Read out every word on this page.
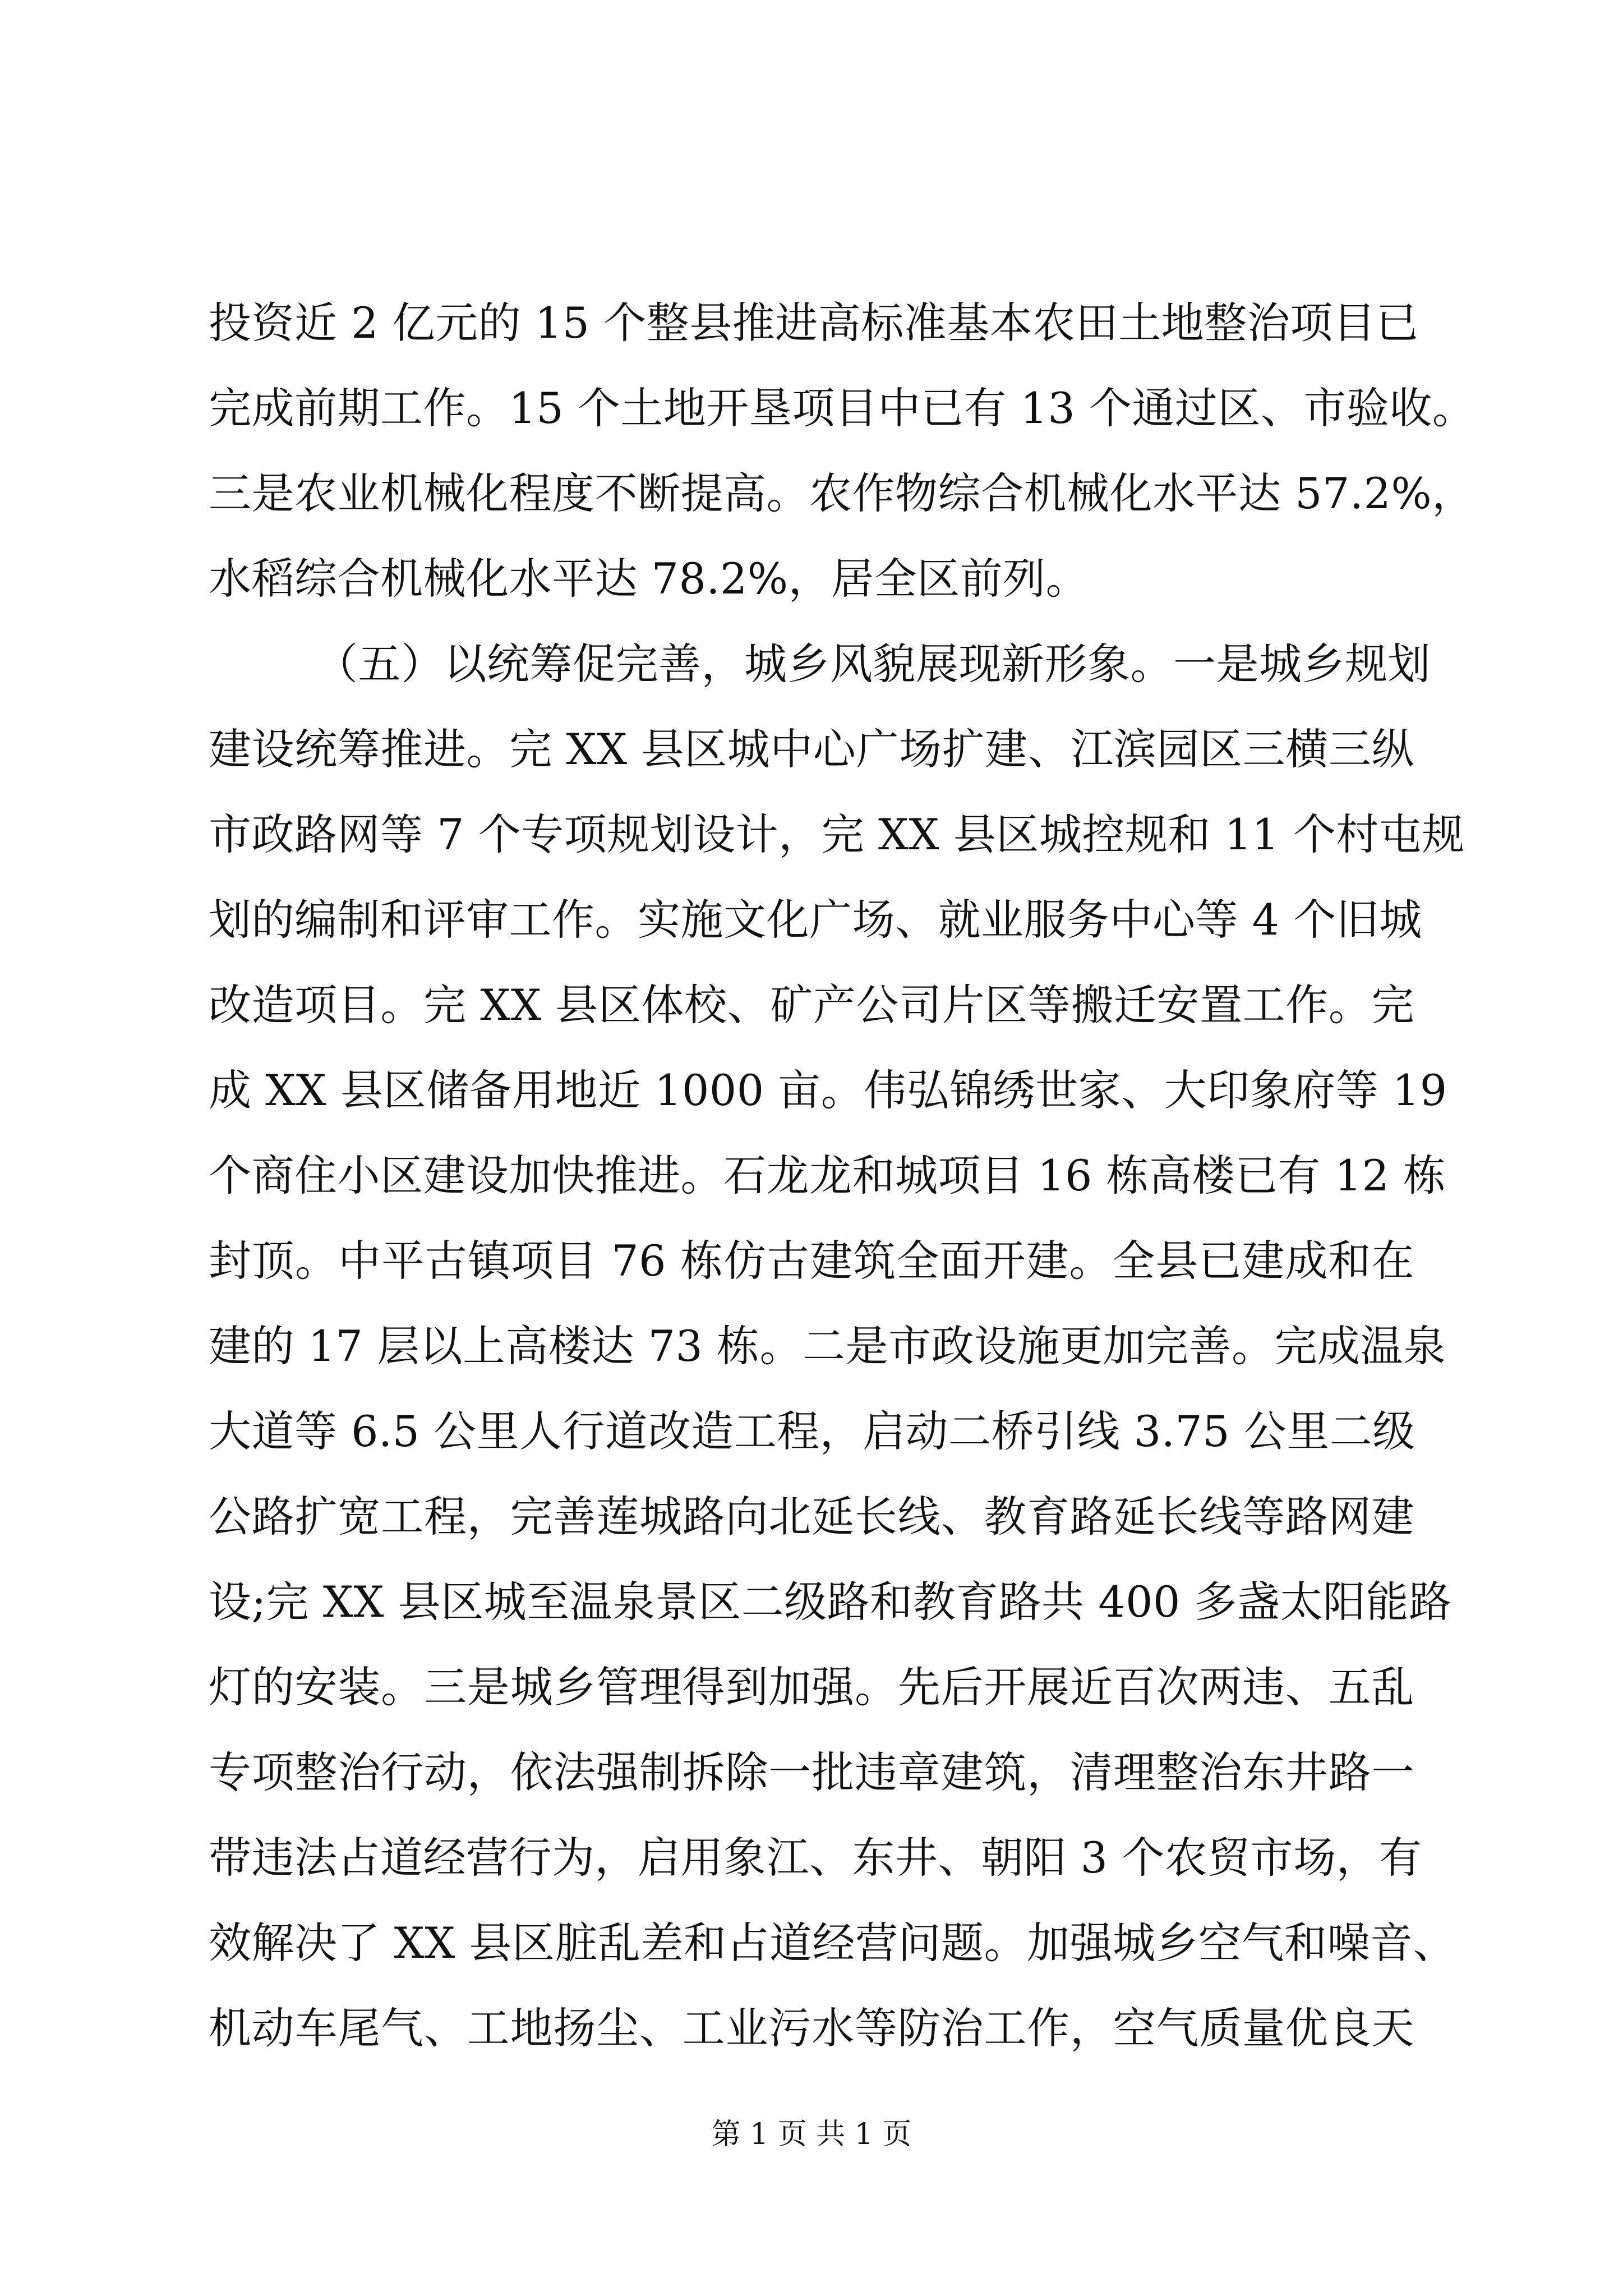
投资近 2 亿元的 15 个整县推进高标准基本农田土地整治项目已
完成前期工作。15 个土地开垦项目中已有 13 个通过区、市验收。
三是农业机械化程度不断提高。农作物综合机械化水平达 57.2%，
水稻综合机械化水平达 78.2%，居全区前列。
（五）以统筹促完善，城乡风貌展现新形象。一是城乡规划
建设统筹推进。完 XX 县区城中心广场扩建、江滨园区三横三纵
市政路网等 7 个专项规划设计，完 XX 县区城控规和 11 个村屯规
划的编制和评审工作。实施文化广场、就业服务中心等 4 个旧城
改造项目。完 XX 县区体校、矿产公司片区等搬迁安置工作。完
成 XX 县区储备用地近 1000 亩。伟弘锦绣世家、大印象府等 19
个商住小区建设加快推进。石龙龙和城项目 16 栋高楼已有 12 栋
封顶。中平古镇项目 76 栋仿古建筑全面开建。全县已建成和在
建的 17 层以上高楼达 73 栋。二是市政设施更加完善。完成温泉
大道等 6.5 公里人行道改造工程，启动二桥引线 3.75 公里二级
公路扩宽工程，完善莲城路向北延长线、教育路延长线等路网建
设;完 XX 县区城至温泉景区二级路和教育路共 400 多盏太阳能路
灯的安装。三是城乡管理得到加强。先后开展近百次两违、五乱
专项整治行动，依法强制拆除一批违章建筑，清理整治东井路一
带违法占道经营行为，启用象江、东井、朝阳 3 个农贸市场，有
效解决了 XX 县区脏乱差和占道经营问题。加强城乡空气和噪音、
机动车尾气、工地扬尘、工业污水等防治工作，空气质量优良天
第 1 页 共 1 页
